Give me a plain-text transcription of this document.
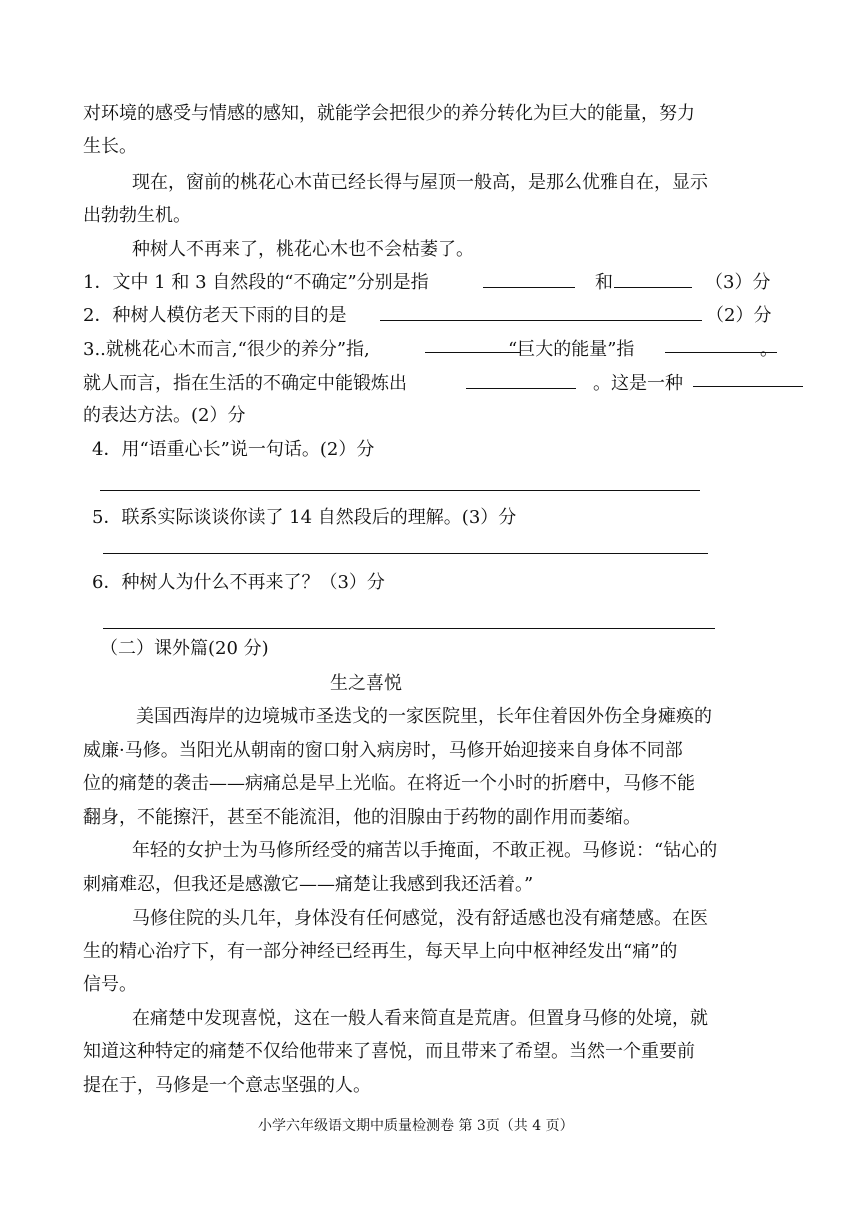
对环境的感受与情感的感知，就能学会把很少的养分转化为巨大的能量，努力
生长。
现在，窗前的桃花心木苗已经长得与屋顶一般高，是那么优雅自在，显示
出勃勃生机。
种树人不再来了，桃花心木也不会枯萎了。
1．文中 1 和 3 自然段的“不确定”分别是指	和	（3）分
2．种树人模仿老天下雨的目的是	（2）分
3..就桃花心木而言,“很少的养分”指,	“巨大的能量”指	。
就人而言，指在生活的不确定中能锻炼出	。这是一种
的表达方法。(2）分
4．用“语重心长”说一句话。(2）分
5．联系实际谈谈你读了 14 自然段后的理解。(3）分
6．种树人为什么不再来了？（3）分
（二）课外篇(20 分)
生之喜悦
美国西海岸的边境城市圣迭戈的一家医院里，长年住着因外伤全身瘫痪的
威廉·马修。当阳光从朝南的窗口射入病房时，马修开始迎接来自身体不同部
位的痛楚的袭击——病痛总是早上光临。在将近一个小时的折磨中，马修不能
翻身，不能擦汗，甚至不能流泪，他的泪腺由于药物的副作用而萎缩。
年轻的女护士为马修所经受的痛苦以手掩面，不敢正视。马修说：“钻心的
刺痛难忍，但我还是感激它——痛楚让我感到我还活着。”
马修住院的头几年，身体没有任何感觉，没有舒适感也没有痛楚感。在医
生的精心治疗下，有一部分神经已经再生，每天早上向中枢神经发出“痛”的
信号。
在痛楚中发现喜悦，这在一般人看来简直是荒唐。但置身马修的处境，就
知道这种特定的痛楚不仅给他带来了喜悦，而且带来了希望。当然一个重要前
提在于，马修是一个意志坚强的人。
小学六年级语文期中质量检测卷 第 3页（共 4 页）
